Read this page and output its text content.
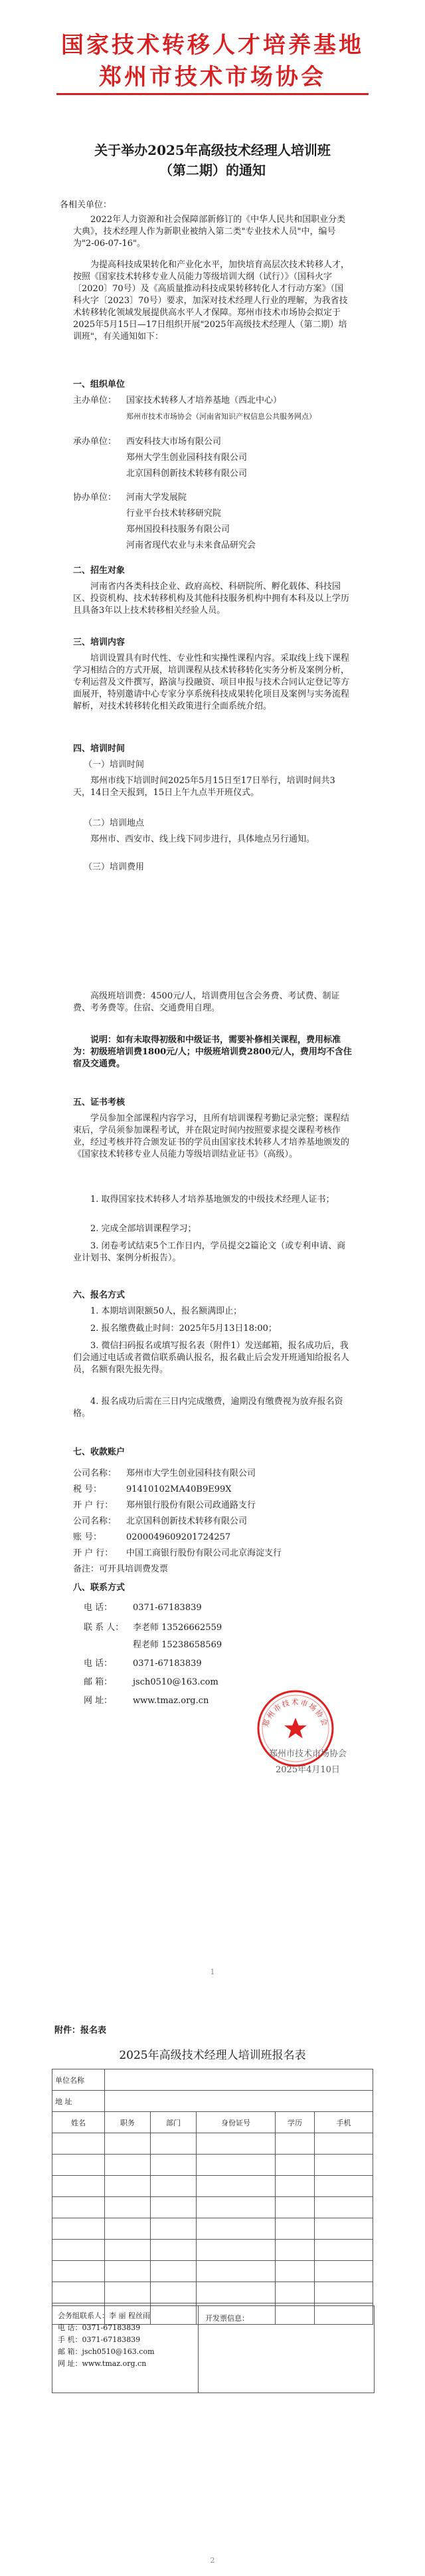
国家技术转移人才培养基地
郑州市技术市场协会
关于举办2025年高级技术经理人培训班
（第二期）的通知
各相关单位：
2022年人力资源和社会保障部新修订的《中华人民共和国职业分类大典》，技术经理人作为新职业被纳入第二类"专业技术人员"中，编号为"2-06-07-16"。
为提高科技成果转化和产业化水平，加快培育高层次技术转移人才，按照《国家技术转移专业人员能力等级培训大纲（试行）》（国科火字〔2020〕70号）及《高质量推动科技成果转移转化人才行动方案》（国科火字〔2023〕70号）要求，加深对技术经理人行业的理解，为我省技术转移转化领域发展提供高水平人才保障。郑州市技术市场协会拟定于2025年5月15日—17日组织开展"2025年高级技术经理人（第二期）培训班"，有关通知如下：
一、组织单位
主办单位： 国家技术转移人才培养基地（西北中心）
郑州市技术市场协会（河南省知识产权信息公共服务网点）
承办单位： 西安科技大市场有限公司
郑州大学生创业园科技有限公司
北京国科创新技术转移有限公司
协办单位： 河南大学发展院
行业平台技术转移研究院
郑州国投科技服务有限公司
河南省现代农业与未来食品研究会
二、招生对象
河南省内各类科技企业、政府高校、科研院所、孵化载体、科技园区、投资机构、技术转移机构及其他科技服务机构中拥有本科及以上学历且具备3年以上技术转移相关经验人员。
三、培训内容
培训设置具有时代性、专业性和实操性课程内容。采取线上线下课程学习相结合的方式开展，培训课程从技术转移转化实务分析及案例分析，专利运营及文件撰写，路演与投融资、项目申报与技术合同认定登记等方面展开，特别邀请中心专家分享系统科技成果转化项目及案例与实务流程解析，对技术转移转化相关政策进行全面系统介绍。
四、培训时间
（一）培训时间
郑州市线下培训时间2025年5月15日至17日举行，培训时间共3天，14日全天报到，15日上午九点半开班仪式。
（二）培训地点
郑州市、西安市、线上线下同步进行，具体地点另行通知。
（三）培训费用
高级班培训费：4500元/人，培训费用包含会务费、考试费、制证费、考务费等。住宿、交通费用自理。
说明：如有未取得初级和中级证书，需要补修相关课程，费用标准为：初级班培训费1800元/人；中级班培训费2800元/人，费用均不含住宿及交通费。
五、证书考核
学员参加全部课程内容学习，且所有培训课程考勤记录完整；课程结束后，学员须参加课程考试，并在限定时间内按照要求提交课程考核作业，经过考核并符合颁发证书的学员由国家技术转移人才培养基地颁发的《国家技术转移专业人员能力等级培训结业证书》（高级）。
1. 取得国家技术转移人才培养基地颁发的中级技术经理人证书；
2. 完成全部培训课程学习；
3. 闭卷考试结束5个工作日内，学员提交2篇论文（或专利申请、商业计划书、案例分析报告）。
六、报名方式
1. 本期培训限额50人，报名额满即止；
2. 报名缴费截止时间：2025年5月13日18:00；
3. 微信扫码报名或填写报名表（附件1）发送邮箱，报名成功后，我们会通过电话或者微信联系确认报名，报名截止后会发开班通知给报名人员，名额有限先报先得。
4. 报名成功后需在三日内完成缴费，逾期没有缴费视为放弃报名资格。
七、收款账户
公司名称： 郑州市大学生创业园科技有限公司
税 号：	91410102MA40B9E99X
开 户 行： 郑州银行股份有限公司政通路支行
公司名称： 北京国科创新技术转移有限公司
账 号：	0200049609201724257
开 户 行： 中国工商银行股份有限公司北京海淀支行
备注：可开具培训费发票
八、联系方式
电 话： 0371-67183839
联 系 人： 李老师 13526662559
程老师 15238658569
电 话： 0371-67183839
邮 箱： jsch0510@163.com
网 址： www.tmaz.org.cn
郑州市技术市场协会
郑州市技术市场协会
2025年4月10日
1
附件：报名表
2025年高级技术经理人培训班报名表
单位名称					
地 址					
姓名	职务	部门	身份证号	学历	手机

会务组联系人：李 丽 程丝雨
电 话：0371-67183839
手 机：0371-67183839
邮 箱：jsch0510@163.com
网 址：www.tmaz.org.cn
开发票信息：
2
